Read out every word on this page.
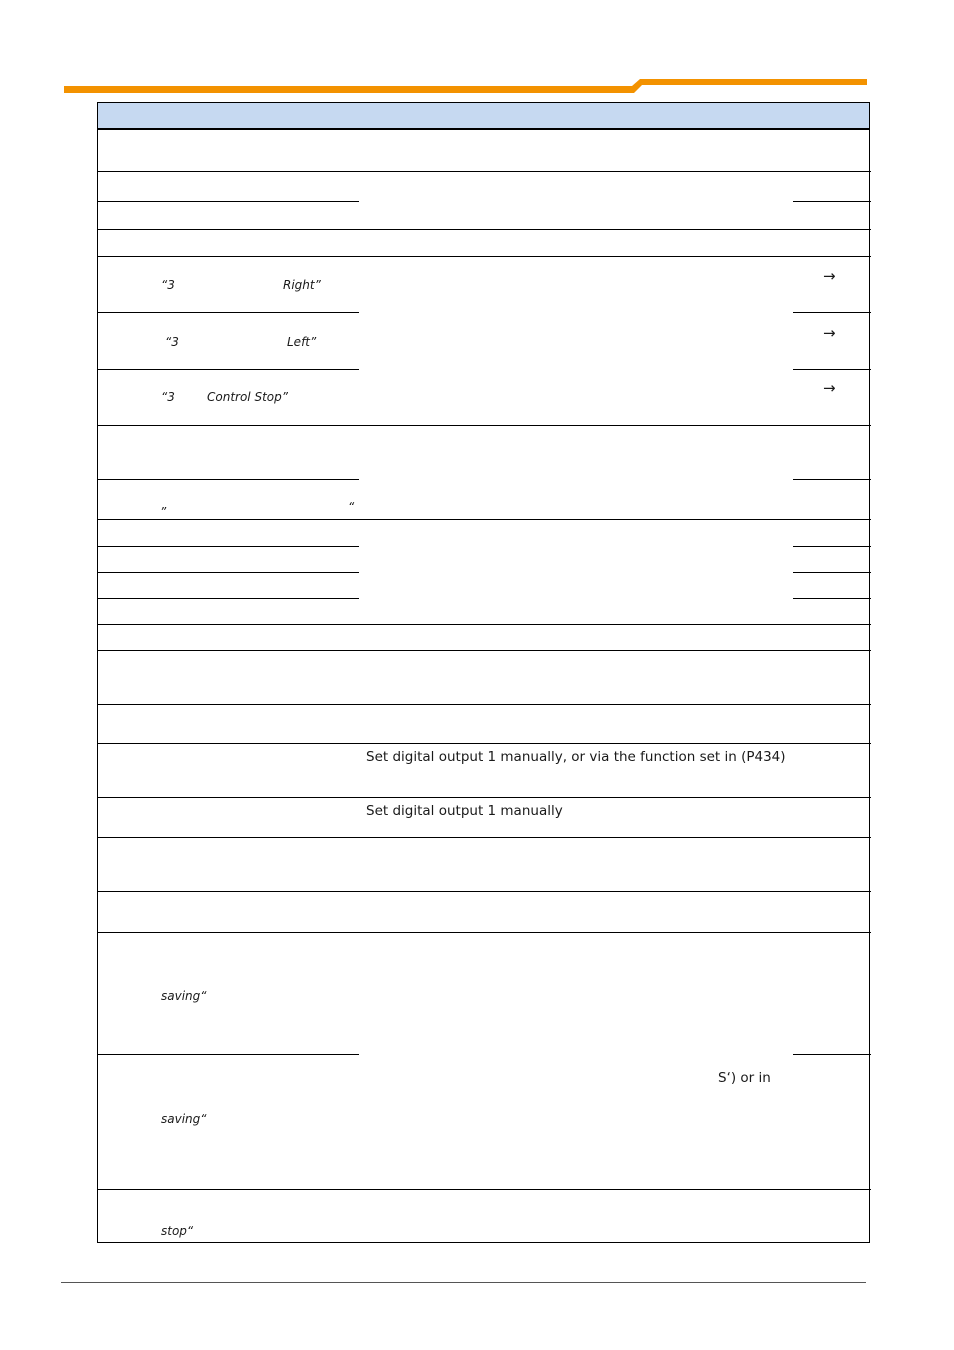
“3	Right”	→
“3	Left”	→
“3	Control Stop”	→
”	“
Set digital output 1 manually, or via the function set in (P434)
Set digital output 1 manually
saving“
S‘) or in
saving“
stop“
